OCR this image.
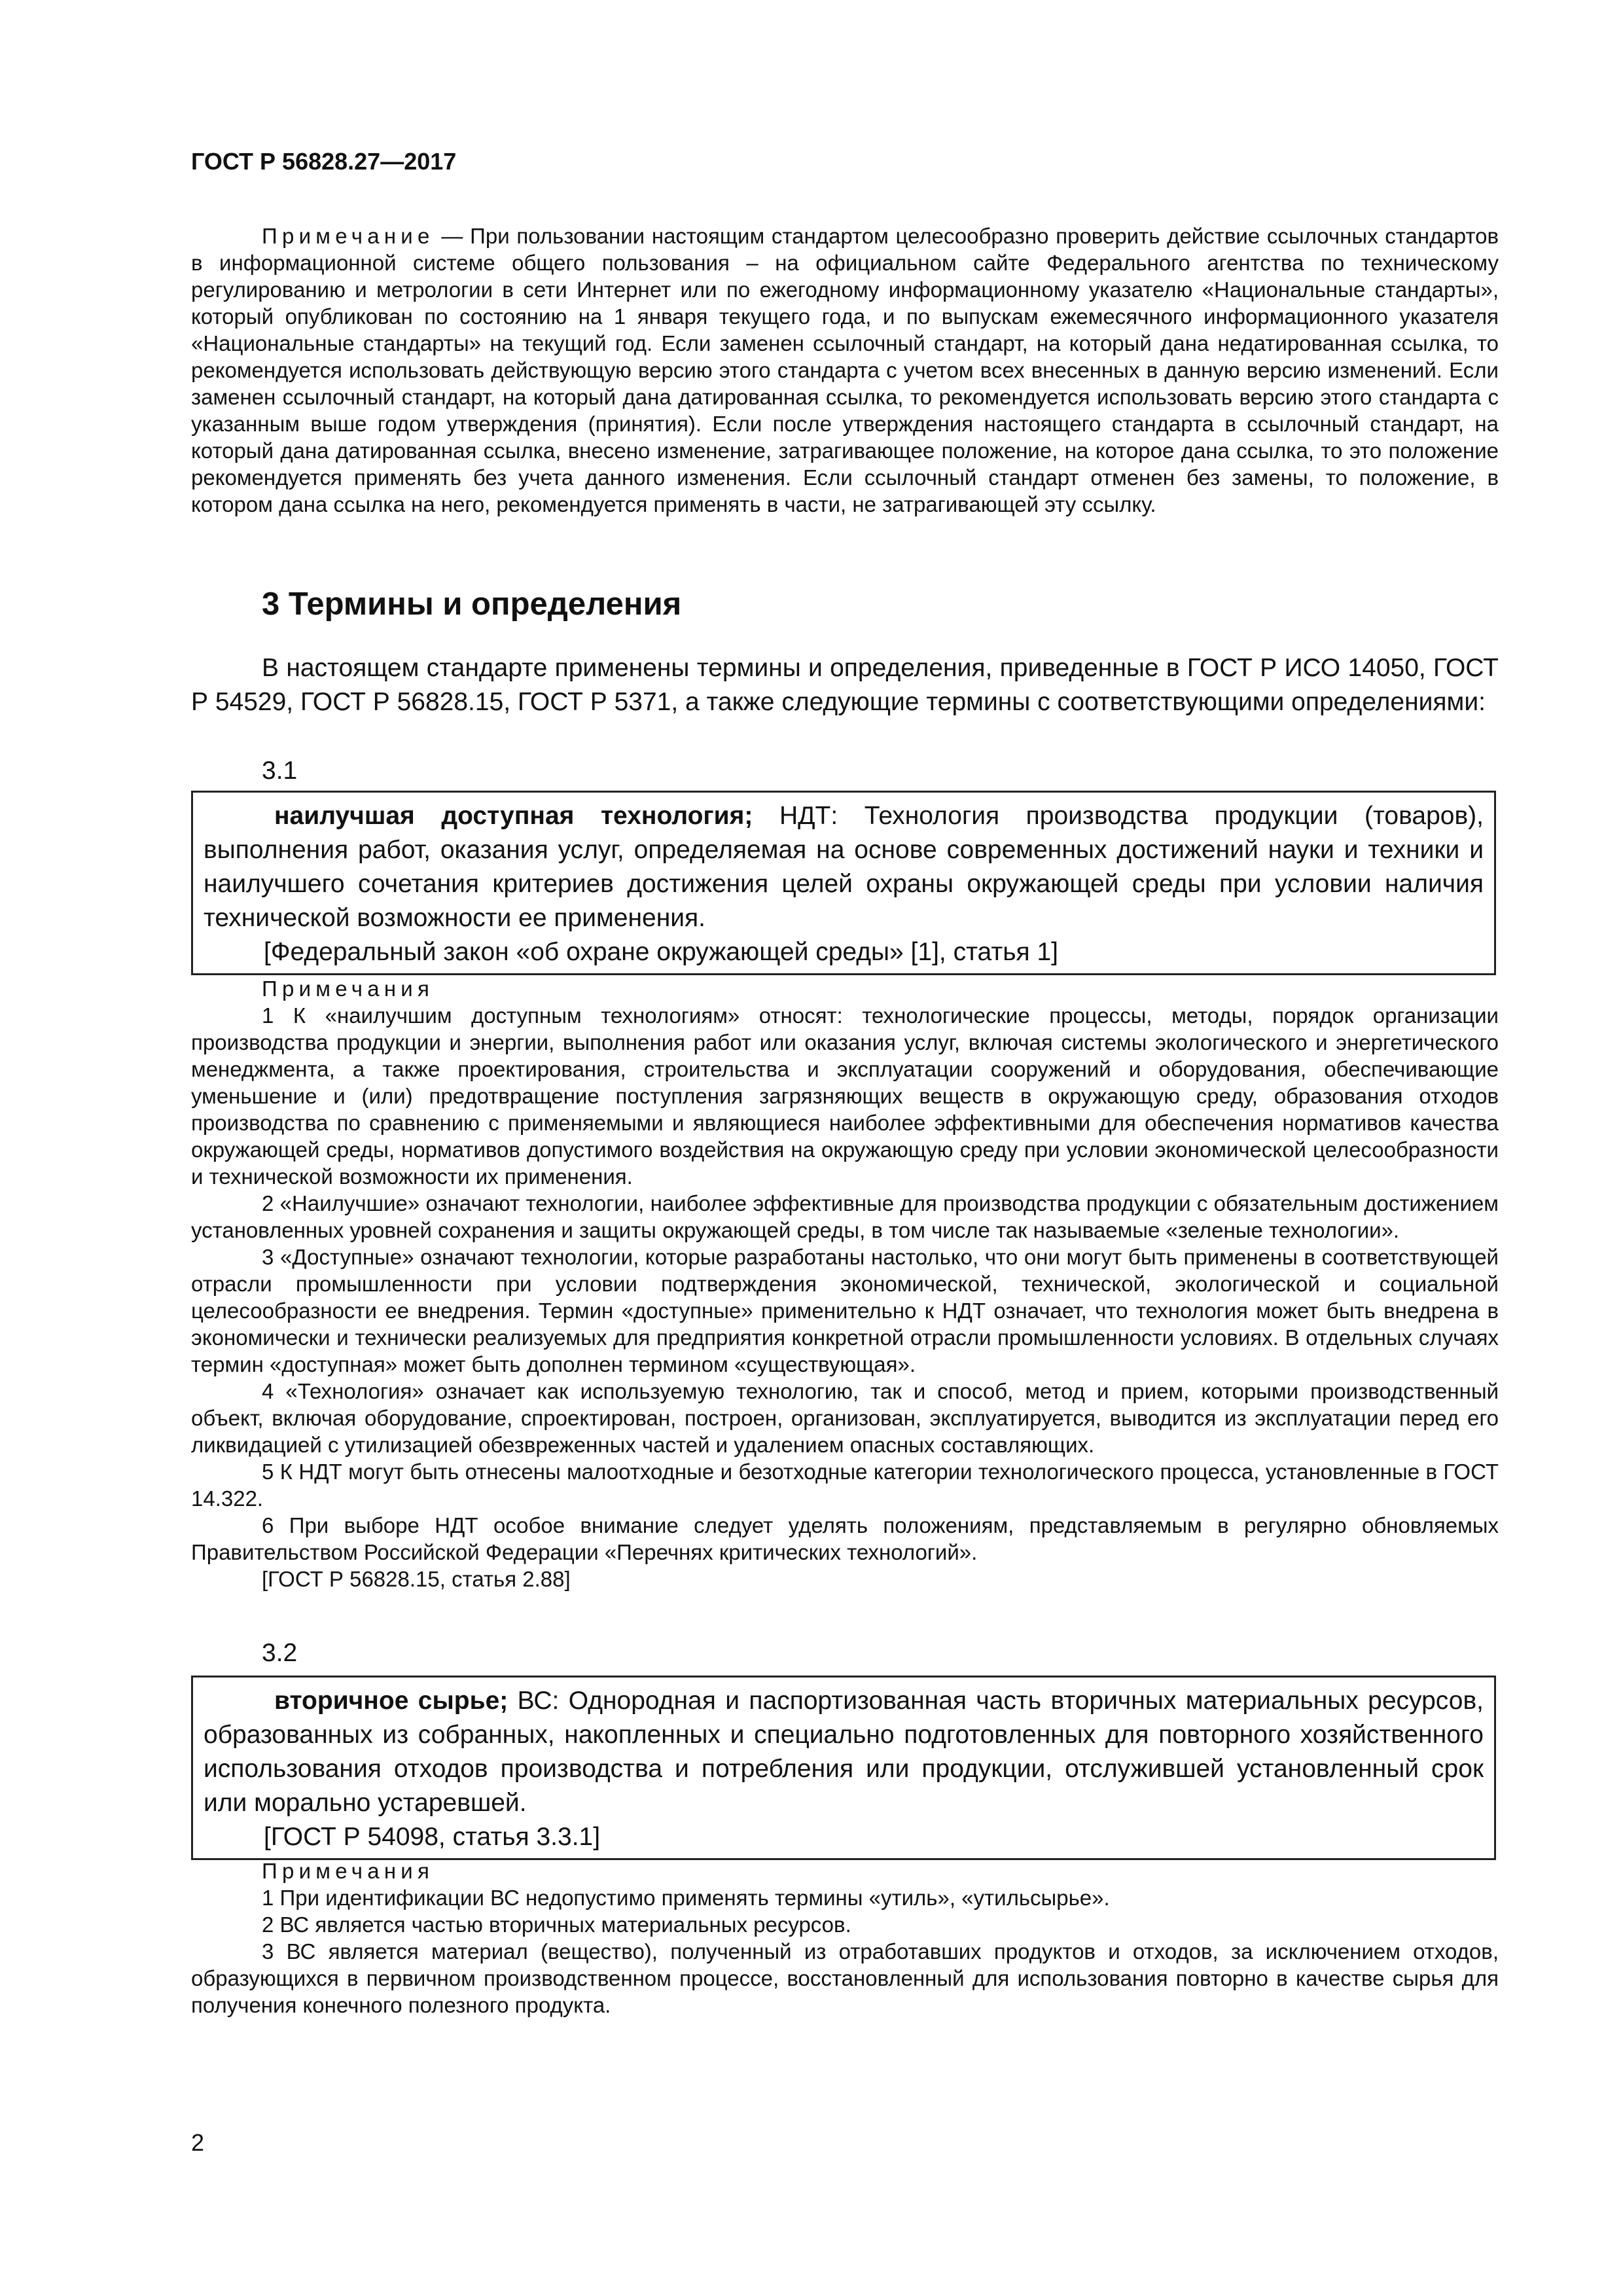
ГОСТ Р 56828.27—2017

Примечание — При пользовании настоящим стандартом целесообразно проверить действие ссылочных стандартов в информационной системе общего пользования – на официальном сайте Федерального агентства по техническому регулированию и метрологии в сети Интернет или по ежегодному информационному указателю «Национальные стандарты», который опубликован по состоянию на 1 января текущего года, и по выпускам ежемесячного информационного указателя «Национальные стандарты» на текущий год. Если заменен ссылочный стандарт, на который дана недатированная ссылка, то рекомендуется использовать действующую версию этого стандарта с учетом всех внесенных в данную версию изменений. Если заменен ссылочный стандарт, на который дана датированная ссылка, то рекомендуется использовать версию этого стандарта с указанным выше годом утверждения (принятия). Если после утверждения настоящего стандарта в ссылочный стандарт, на который дана датированная ссылка, внесено изменение, затрагивающее положение, на которое дана ссылка, то это положение рекомендуется применять без учета данного изменения. Если ссылочный стандарт отменен без замены, то положение, в котором дана ссылка на него, рекомендуется применять в части, не затрагивающей эту ссылку.

3 Термины и определения

В настоящем стандарте применены термины и определения, приведенные в ГОСТ Р ИСО 14050, ГОСТ Р 54529, ГОСТ Р 56828.15, ГОСТ Р 5371, а также следующие термины с соответствующими определениями:

3.1

наилучшая доступная технология; НДТ: Технология производства продукции (товаров), выполнения работ, оказания услуг, определяемая на основе современных достижений науки и техники и наилучшего сочетания критериев достижения целей охраны окружающей среды при условии наличия технической возможности ее применения.

[Федеральный закон «об охране окружающей среды» [1], статья 1]

Примечания

1 К «наилучшим доступным технологиям» относят: технологические процессы, методы, порядок организации производства продукции и энергии, выполнения работ или оказания услуг, включая системы экологического и энергетического менеджмента, а также проектирования, строительства и эксплуатации сооружений и оборудования, обеспечивающие уменьшение и (или) предотвращение поступления загрязняющих веществ в окружающую среду, образования отходов производства по сравнению с применяемыми и являющиеся наиболее эффективными для обеспечения нормативов качества окружающей среды, нормативов допустимого воздействия на окружающую среду при условии экономической целесообразности и технической возможности их применения.

2 «Наилучшие» означают технологии, наиболее эффективные для производства продукции с обязательным достижением установленных уровней сохранения и защиты окружающей среды, в том числе так называемые «зеленые технологии».

3 «Доступные» означают технологии, которые разработаны настолько, что они могут быть применены в соответствующей отрасли промышленности при условии подтверждения экономической, технической, экологической и социальной целесообразности ее внедрения. Термин «доступные» применительно к НДТ означает, что технология может быть внедрена в экономически и технически реализуемых для предприятия конкретной отрасли промышленности условиях. В отдельных случаях термин «доступная» может быть дополнен термином «существующая».

4 «Технология» означает как используемую технологию, так и способ, метод и прием, которыми производственный объект, включая оборудование, спроектирован, построен, организован, эксплуатируется, выводится из эксплуатации перед его ликвидацией с утилизацией обезвреженных частей и удалением опасных составляющих.

5 К НДТ могут быть отнесены малоотходные и безотходные категории технологического процесса, установленные в ГОСТ 14.322.

6 При выборе НДТ особое внимание следует уделять положениям, представляемым в регулярно обновляемых Правительством Российской Федерации «Перечнях критических технологий».

[ГОСТ Р 56828.15, статья 2.88]

3.2

вторичное сырье; ВС: Однородная и паспортизованная часть вторичных материальных ресурсов, образованных из собранных, накопленных и специально подготовленных для повторного хозяйственного использования отходов производства и потребления или продукции, отслужившей установленный срок или морально устаревшей.

[ГОСТ Р 54098, статья 3.3.1]

Примечания

1 При идентификации ВС недопустимо применять термины «утиль», «утильсырье».

2 ВС является частью вторичных материальных ресурсов.

3 ВС является материал (вещество), полученный из отработавших продуктов и отходов, за исключением отходов, образующихся в первичном производственном процессе, восстановленный для использования повторно в качестве сырья для получения конечного полезного продукта.

2
